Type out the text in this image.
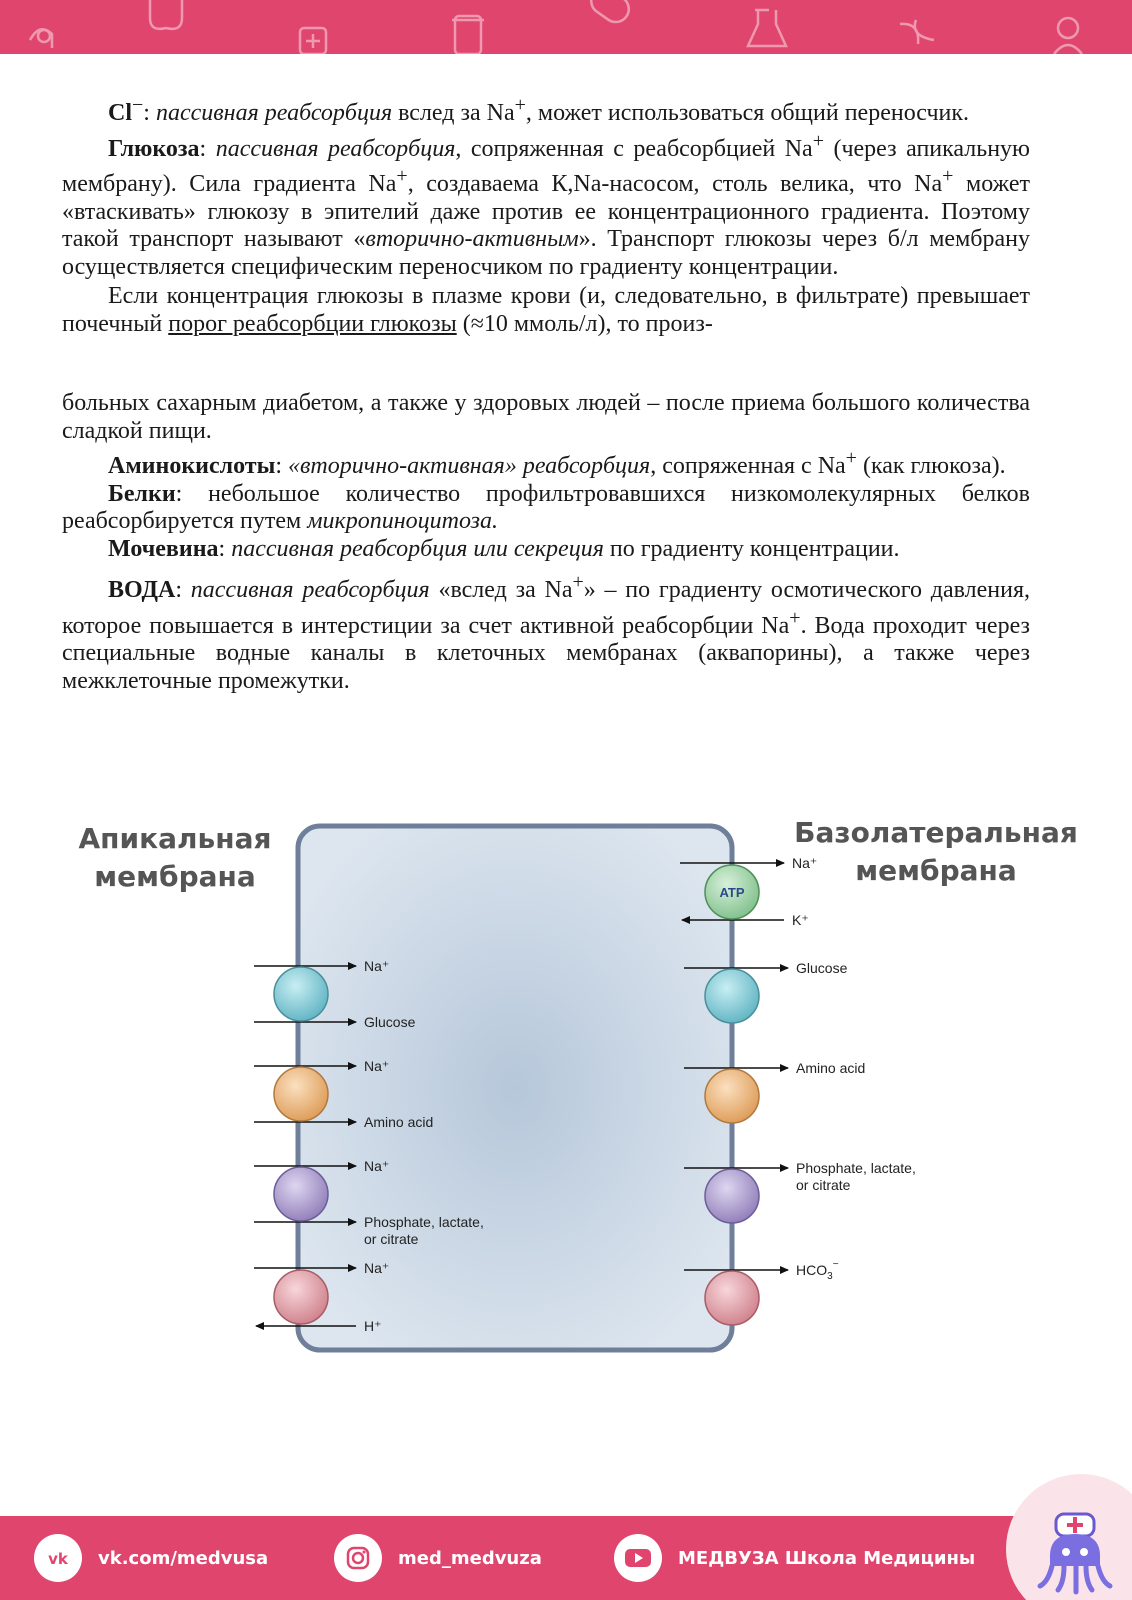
Cl−: пассивная реабсорбция вслед за Na+, может использоваться общий переносчик.

Глюкоза: пассивная реабсорбция, сопряженная с реабсорбцией Na+ (через апикальную мембрану). Сила градиента Na+, создаваема К,Na-насосом, столь велика, что Na+ может «втаскивать» глюкозу в эпителий даже против ее концентрационного градиента. Поэтому такой транспорт называют «вторично-активным». Транспорт глюкозы через б/л мембрану осуществляется специфическим переносчиком по градиенту концентрации.

Если концентрация глюкозы в плазме крови (и, следовательно, в фильтрате) превышает почечный порог реабсорбции глюкозы (≈10 ммоль/л), то произ-

больных сахарным диабетом, а также у здоровых людей – после приема большого количества сладкой пищи.

Аминокислоты: «вторично-активная» реабсорбция, сопряженная с Na+ (как глюкоза).

Белки: небольшое количество профильтровавшихся низкомолекулярных белков реабсорбируется путем микропиноцитоза.

Мочевина: пассивная реабсорбция или секреция по градиенту концентрации.

ВОДА: пассивная реабсорбция «вслед за Na+» – по градиенту осмотического давления, которое повышается в интерстиции за счет активной реабсорбции Na+. Вода проходит через специальные водные каналы в клеточных мембранах (аквапорины), а также через межклеточные промежутки.

Апикальная
мембрана
Базолатеральная
мембрана
ATP
Na⁺
Glucose
Na⁺
Amino acid
Na⁺
Phosphate, lactate,
or citrate
Na⁺
H⁺
Na⁺
K⁺
Glucose
Amino acid
Phosphate, lactate,
or citrate
$HCO_3^-$
vk vk.com/medvusa	med_medvuza	МЕДВУЗА Школа Медицины
